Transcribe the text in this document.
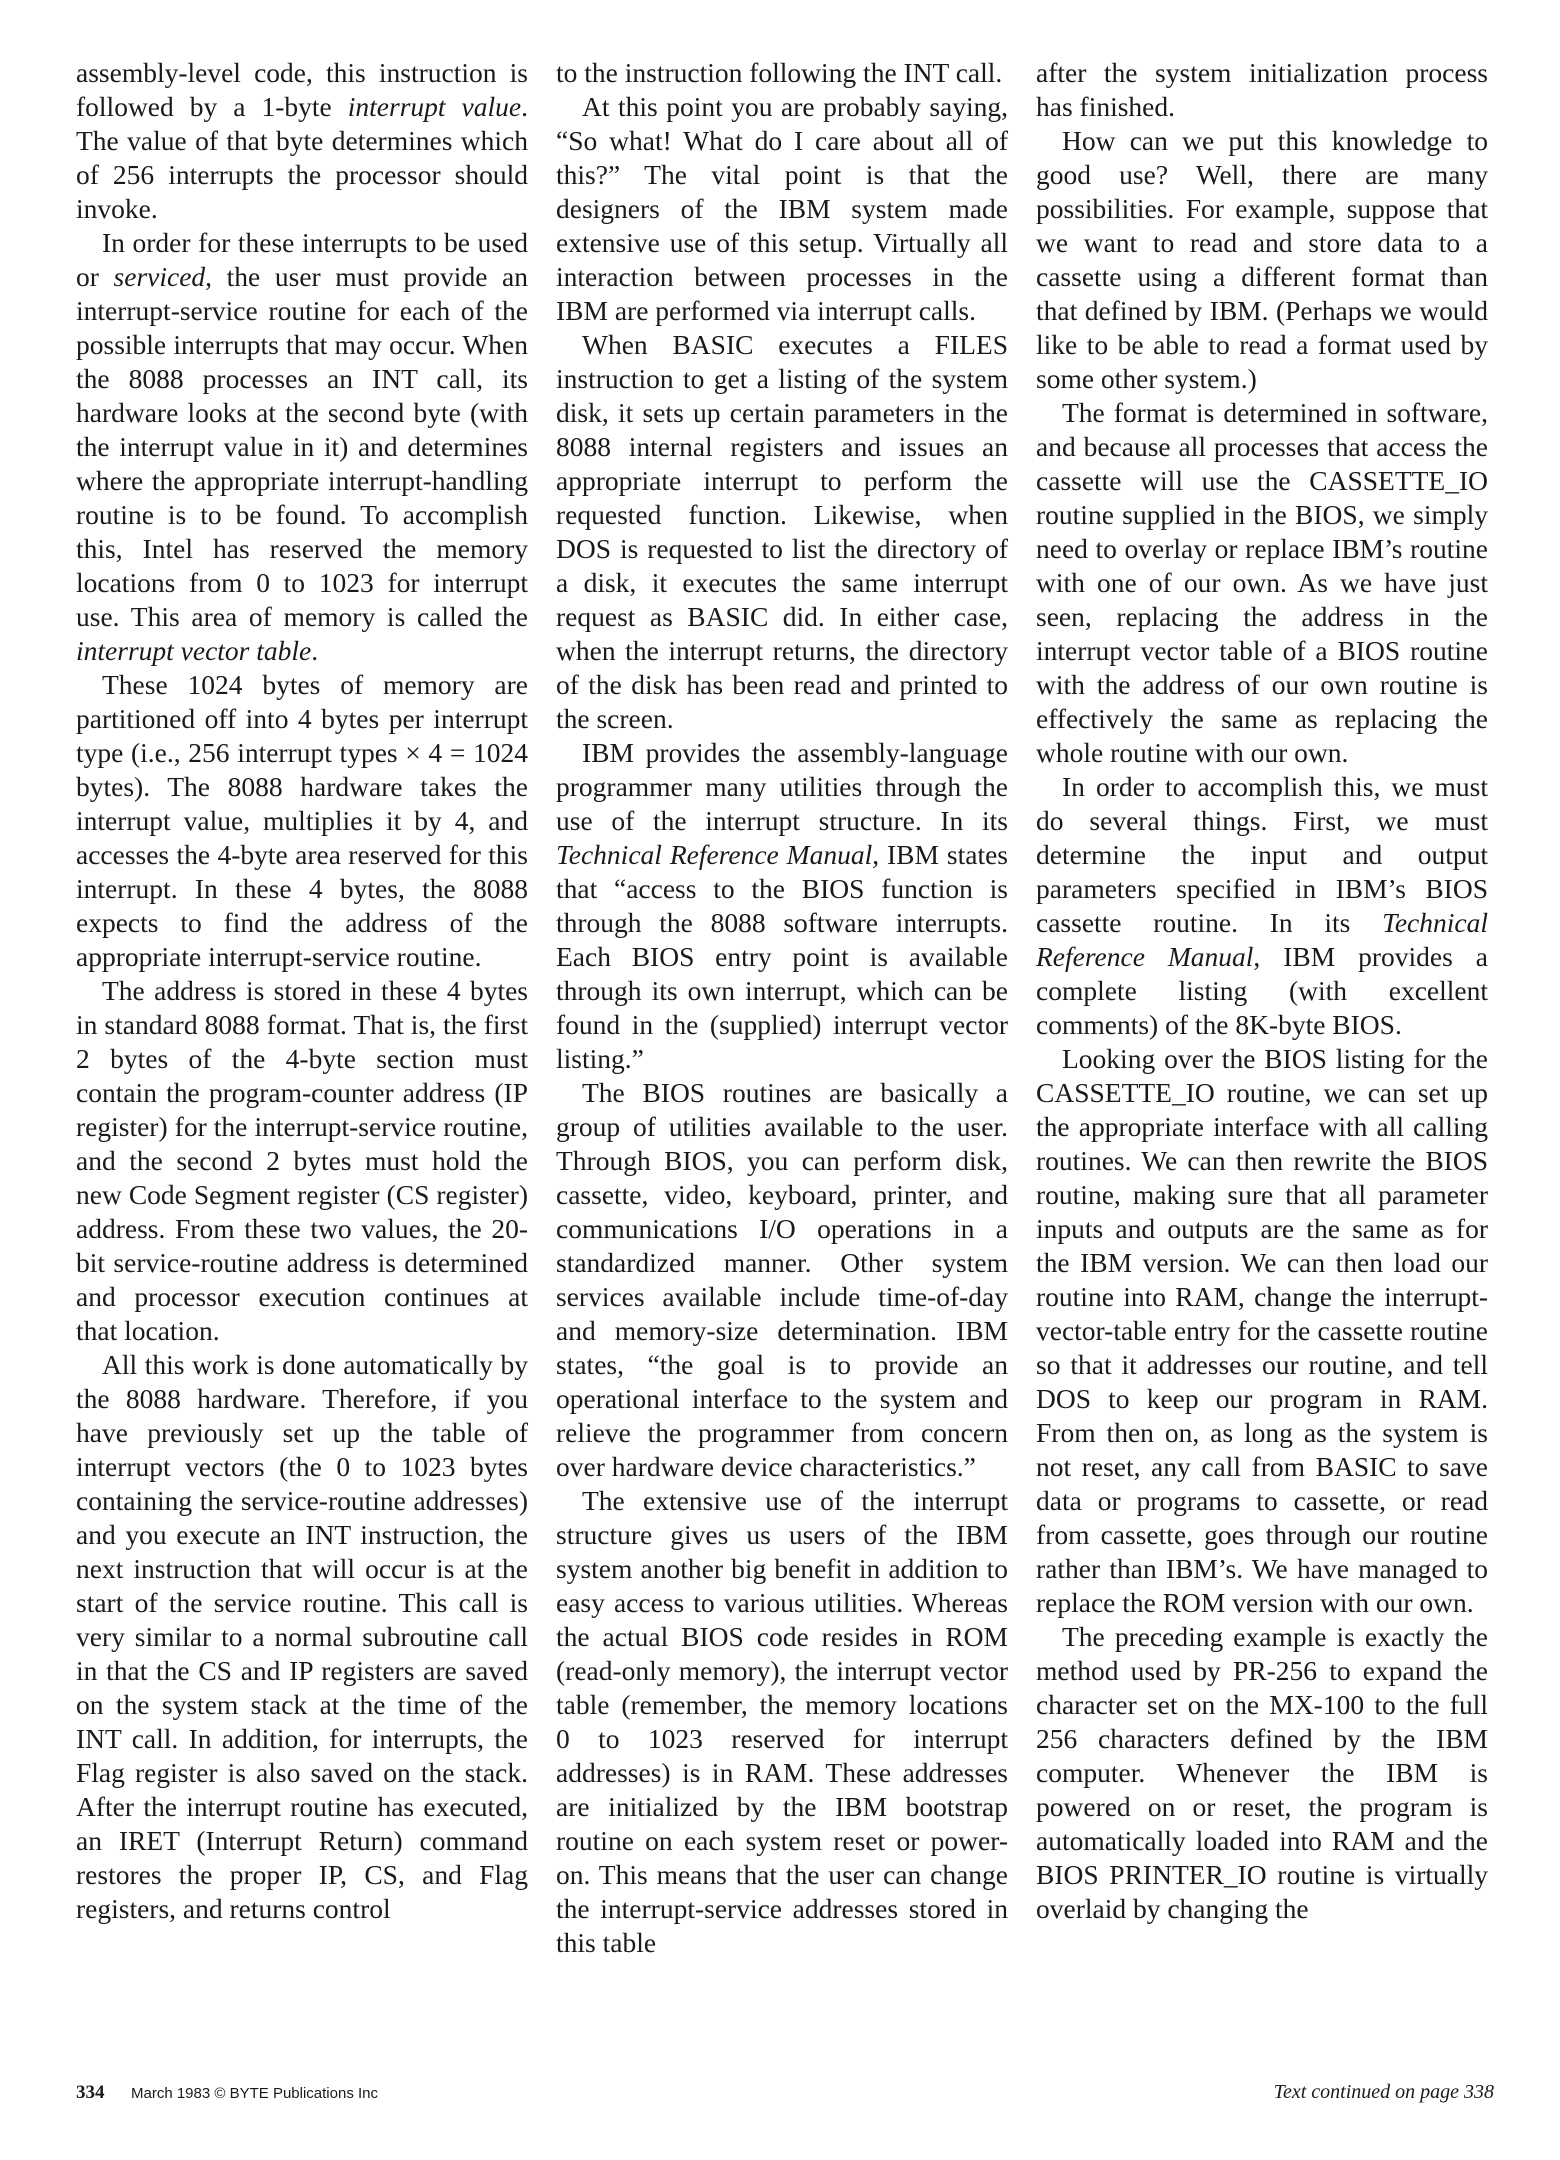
assembly-level code, this instruction is followed by a 1-byte interrupt value. The value of that byte determines which of 256 interrupts the processor should invoke.

In order for these interrupts to be used or serviced, the user must provide an interrupt-service routine for each of the possible interrupts that may occur. When the 8088 processes an INT call, its hardware looks at the second byte (with the interrupt value in it) and determines where the appropriate interrupt-handling routine is to be found. To accomplish this, Intel has reserved the memory locations from 0 to 1023 for interrupt use. This area of memory is called the interrupt vector table.

These 1024 bytes of memory are partitioned off into 4 bytes per interrupt type (i.e., 256 interrupt types × 4 = 1024 bytes). The 8088 hardware takes the interrupt value, multiplies it by 4, and accesses the 4-byte area reserved for this interrupt. In these 4 bytes, the 8088 expects to find the address of the appropriate interrupt-service routine.

The address is stored in these 4 bytes in standard 8088 format. That is, the first 2 bytes of the 4-byte section must contain the program-counter address (IP register) for the interrupt-service routine, and the second 2 bytes must hold the new Code Segment register (CS register) address. From these two values, the 20-bit service-routine address is determined and processor execution continues at that location.

All this work is done automatically by the 8088 hardware. Therefore, if you have previously set up the table of interrupt vectors (the 0 to 1023 bytes containing the service-routine addresses) and you execute an INT instruction, the next instruction that will occur is at the start of the service routine. This call is very similar to a normal subroutine call in that the CS and IP registers are saved on the system stack at the time of the INT call. In addition, for interrupts, the Flag register is also saved on the stack. After the interrupt routine has executed, an IRET (Interrupt Return) command restores the proper IP, CS, and Flag registers, and returns control

to the instruction following the INT call.

At this point you are probably saying, “So what! What do I care about all of this?” The vital point is that the designers of the IBM system made extensive use of this setup. Virtually all interaction between processes in the IBM are performed via interrupt calls.

When BASIC executes a FILES instruction to get a listing of the system disk, it sets up certain parameters in the 8088 internal registers and issues an appropriate interrupt to perform the requested function. Likewise, when DOS is requested to list the directory of a disk, it executes the same interrupt request as BASIC did. In either case, when the interrupt returns, the directory of the disk has been read and printed to the screen.

IBM provides the assembly-language programmer many utilities through the use of the interrupt structure. In its Technical Reference Manual, IBM states that “access to the BIOS function is through the 8088 software interrupts. Each BIOS entry point is available through its own interrupt, which can be found in the (supplied) interrupt vector listing.”

The BIOS routines are basically a group of utilities available to the user. Through BIOS, you can perform disk, cassette, video, keyboard, printer, and communications I/O operations in a standardized manner. Other system services available include time-of-day and memory-size determination. IBM states, “the goal is to provide an operational interface to the system and relieve the programmer from concern over hardware device characteristics.”

The extensive use of the interrupt structure gives us users of the IBM system another big benefit in addition to easy access to various utilities. Whereas the actual BIOS code resides in ROM (read-only memory), the interrupt vector table (remember, the memory locations 0 to 1023 reserved for interrupt addresses) is in RAM. These addresses are initialized by the IBM bootstrap routine on each system reset or power-on. This means that the user can change the interrupt-service addresses stored in this table

after the system initialization process has finished.

How can we put this knowledge to good use? Well, there are many possibilities. For example, suppose that we want to read and store data to a cassette using a different format than that defined by IBM. (Perhaps we would like to be able to read a format used by some other system.)

The format is determined in software, and because all processes that access the cassette will use the CASSETTE_IO routine supplied in the BIOS, we simply need to overlay or replace IBM’s routine with one of our own. As we have just seen, replacing the address in the interrupt vector table of a BIOS routine with the address of our own routine is effectively the same as replacing the whole routine with our own.

In order to accomplish this, we must do several things. First, we must determine the input and output parameters specified in IBM’s BIOS cassette routine. In its Technical Reference Manual, IBM provides a complete listing (with excellent comments) of the 8K-byte BIOS.

Looking over the BIOS listing for the CASSETTE_IO routine, we can set up the appropriate interface with all calling routines. We can then rewrite the BIOS routine, making sure that all parameter inputs and outputs are the same as for the IBM version. We can then load our routine into RAM, change the interrupt-vector-table entry for the cassette routine so that it addresses our routine, and tell DOS to keep our program in RAM. From then on, as long as the system is not reset, any call from BASIC to save data or programs to cassette, or read from cassette, goes through our routine rather than IBM’s. We have managed to replace the ROM version with our own.

The preceding example is exactly the method used by PR-256 to expand the character set on the MX-100 to the full 256 characters defined by the IBM computer. Whenever the IBM is powered on or reset, the program is automatically loaded into RAM and the BIOS PRINTER_IO routine is virtually overlaid by changing the

334 March 1983 © BYTE Publications Inc	Text continued on page 338
